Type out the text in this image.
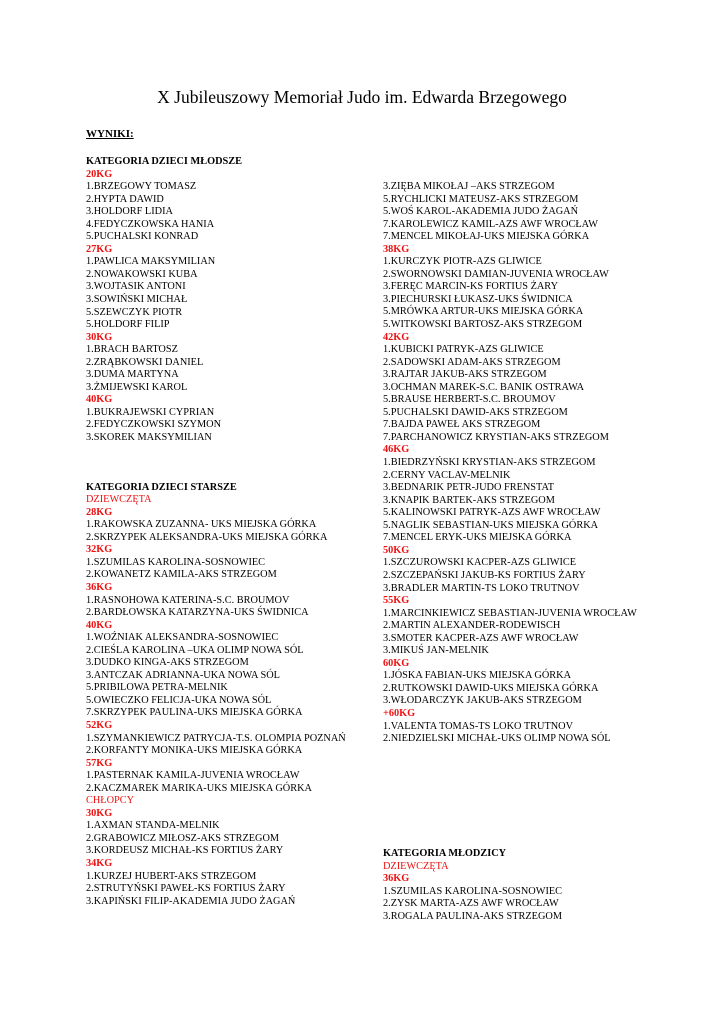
X Jubileuszowy Memoriał Judo im. Edwarda Brzegowego
WYNIKI:
KATEGORIA DZIECI MŁODSZE
20KG
1.BRZEGOWY TOMASZ
2.HYPTA DAWID
3.HOLDORF LIDIA
4.FEDYCZKOWSKA HANIA
5.PUCHALSKI KONRAD
27KG
1.PAWLICA MAKSYMILIAN
2.NOWAKOWSKI KUBA
3.WOJTASIK ANTONI
3.SOWIŃSKI MICHAŁ
5.SZEWCZYK PIOTR
5.HOLDORF FILIP
30KG
1.BRACH BARTOSZ
2.ZRĄBKOWSKI DANIEL
3.DUMA MARTYNA
3.ŻMIJEWSKI KAROL
40KG
1.BUKRAJEWSKI CYPRIAN
2.FEDYCZKOWSKI SZYMON
3.SKOREK MAKSYMILIAN
KATEGORIA DZIECI STARSZE
DZIEWCZĘTA
28KG
1.RAKOWSKA ZUZANNA- UKS MIEJSKA GÓRKA
2.SKRZYPEK ALEKSANDRA-UKS MIEJSKA GÓRKA
32KG
1.SZUMILAS KAROLINA-SOSNOWIEC
2.KOWANETZ KAMILA-AKS STRZEGOM
36KG
1.RASNOHOWA KATERINA-S.C. BROUMOV
2.BARDŁOWSKA KATARZYNA-UKS ŚWIDNICA
40KG
1.WOŹNIAK ALEKSANDRA-SOSNOWIEC
2.CIEŚLA KAROLINA –UKA OLIMP NOWA SÓL
3.DUDKO KINGA-AKS STRZEGOM
3.ANTCZAK ADRIANNA-UKA NOWA SÓL
5.PRIBILOWA PETRA-MELNIK
5.OWIECZKO FELICJA-UKA NOWA SÓL
7.SKRZYPEK PAULINA-UKS MIEJSKA GÓRKA
52KG
1.SZYMANKIEWICZ PATRYCJA-T.S. OLOMPIA POZNAŃ
2.KORFANTY MONIKA-UKS MIEJSKA GÓRKA
57KG
1.PASTERNAK KAMILA-JUVENIA WROCŁAW
2.KACZMAREK MARIKA-UKS MIEJSKA GÓRKA
CHŁOPCY
30KG
1.AXMAN STANDA-MELNIK
2.GRABOWICZ MIŁOSZ-AKS STRZEGOM
3.KORDEUSZ MICHAŁ-KS FORTIUS ŻARY
34KG
1.KURZEJ HUBERT-AKS STRZEGOM
2.STRUTYŃSKI PAWEŁ-KS FORTIUS ŻARY
3.KAPIŃSKI FILIP-AKADEMIA JUDO ŻAGAŃ
3.ZIĘBA MIKOŁAJ –AKS STRZEGOM
5.RYCHLICKI MATEUSZ-AKS STRZEGOM
5.WOŚ KAROL-AKADEMIA JUDO ŻAGAŃ
7.KAROLEWICZ KAMIL-AZS AWF WROCŁAW
7.MENCEL MIKOŁAJ-UKS MIEJSKA GÓRKA
38KG
1.KURCZYK PIOTR-AZS GLIWICE
2.SWORNOWSKI DAMIAN-JUVENIA WROCŁAW
3.FERĘC MARCIN-KS FORTIUS ŻARY
3.PIECHURSKI ŁUKASZ-UKS ŚWIDNICA
5.MRÓWKA ARTUR-UKS MIEJSKA GÓRKA
5.WITKOWSKI BARTOSZ-AKS STRZEGOM
42KG
1.KUBICKI PATRYK-AZS GLIWICE
2.SADOWSKI ADAM-AKS STRZEGOM
3.RAJTAR JAKUB-AKS STRZEGOM
3.OCHMAN MAREK-S.C. BANIK OSTRAWA
5.BRAUSE HERBERT-S.C. BROUMOV
5.PUCHALSKI DAWID-AKS STRZEGOM
7.BAJDA PAWEŁ AKS STRZEGOM
7.PARCHANOWICZ KRYSTIAN-AKS STRZEGOM
46KG
1.BIEDRZYŃSKI KRYSTIAN-AKS STRZEGOM
2.CERNY VACLAV-MELNIK
3.BEDNARIK PETR-JUDO FRENSTAT
3.KNAPIK BARTEK-AKS STRZEGOM
5.KALINOWSKI PATRYK-AZS AWF WROCŁAW
5.NAGLIK SEBASTIAN-UKS MIEJSKA GÓRKA
7.MENCEL ERYK-UKS MIEJSKA GÓRKA
50KG
1.SZCZUROWSKI KACPER-AZS GLIWICE
2.SZCZEPAŃSKI JAKUB-KS FORTIUS ŻARY
3.BRADLER MARTIN-TS LOKO TRUTNOV
55KG
1.MARCINKIEWICZ SEBASTIAN-JUVENIA WROCŁAW
2.MARTIN ALEXANDER-RODEWISCH
3.SMOTER KACPER-AZS AWF WROCŁAW
3.MIKUŚ JAN-MELNIK
60KG
1.JÓSKA FABIAN-UKS MIEJSKA GÓRKA
2.RUTKOWSKI DAWID-UKS MIEJSKA GÓRKA
3.WŁODARCZYK JAKUB-AKS STRZEGOM
+60KG
1.VALENTA TOMAS-TS LOKO TRUTNOV
2.NIEDZIELSKI MICHAŁ-UKS OLIMP NOWA SÓL
KATEGORIA MŁODZICY
DZIEWCZĘTA
36KG
1.SZUMILAS KAROLINA-SOSNOWIEC
2.ZYSK MARTA-AZS AWF WROCŁAW
3.ROGALA PAULINA-AKS STRZEGOM
